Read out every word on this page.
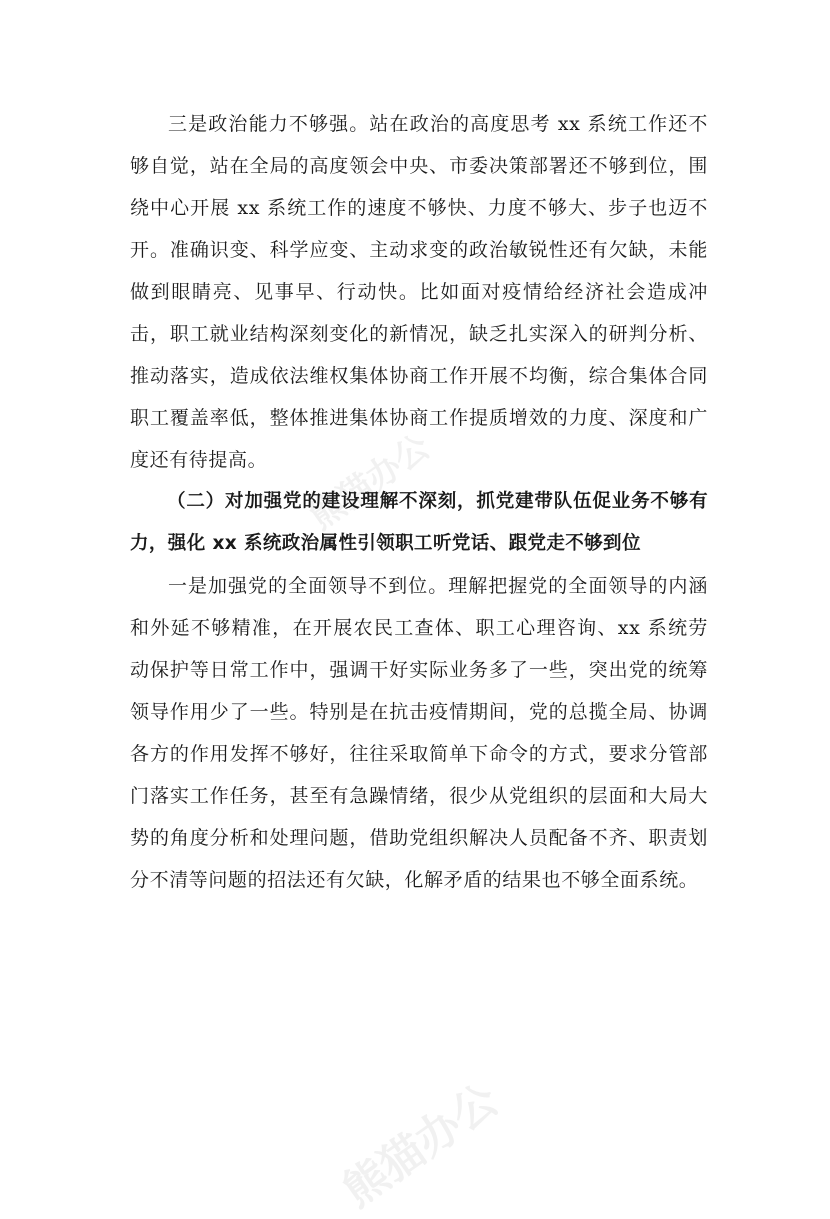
熊猫办公
熊猫办公

三是政治能力不够强。站在政治的高度思考 xx 系统工作还不够自觉，站在全局的高度领会中央、市委决策部署还不够到位，围绕中心开展 xx 系统工作的速度不够快、力度不够大、步子也迈不开。准确识变、科学应变、主动求变的政治敏锐性还有欠缺，未能做到眼睛亮、见事早、行动快。比如面对疫情给经济社会造成冲击，职工就业结构深刻变化的新情况，缺乏扎实深入的研判分析、推动落实，造成依法维权集体协商工作开展不均衡，综合集体合同职工覆盖率低，整体推进集体协商工作提质增效的力度、深度和广度还有待提高。

（二）对加强党的建设理解不深刻，抓党建带队伍促业务不够有力，强化 xx 系统政治属性引领职工听党话、跟党走不够到位

一是加强党的全面领导不到位。理解把握党的全面领导的内涵和外延不够精准，在开展农民工查体、职工心理咨询、xx 系统劳动保护等日常工作中，强调干好实际业务多了一些，突出党的统筹领导作用少了一些。特别是在抗击疫情期间，党的总揽全局、协调各方的作用发挥不够好，往往采取简单下命令的方式，要求分管部门落实工作任务，甚至有急躁情绪，很少从党组织的层面和大局大势的角度分析和处理问题，借助党组织解决人员配备不齐、职责划分不清等问题的招法还有欠缺，化解矛盾的结果也不够全面系统。
